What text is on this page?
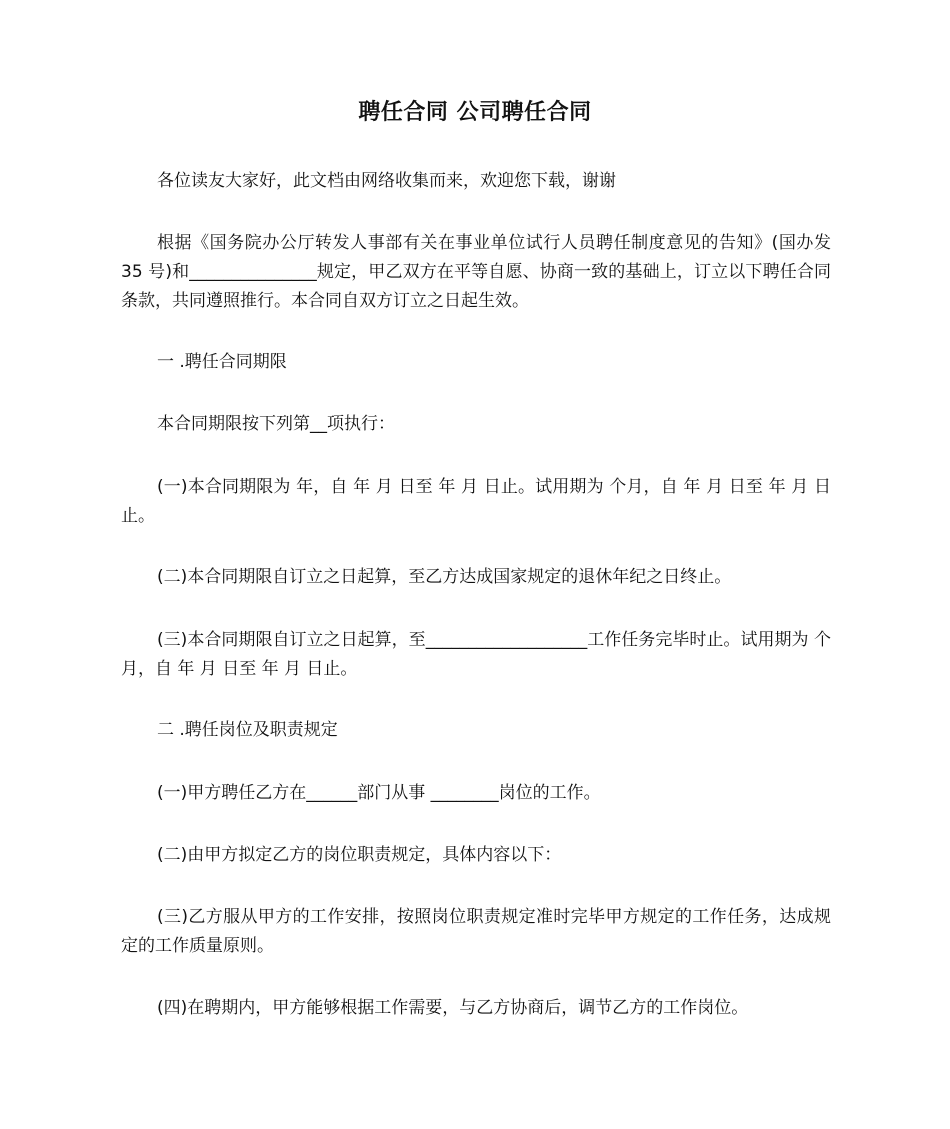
聘任合同 公司聘任合同

各位读友大家好，此文档由网络收集而来，欢迎您下载，谢谢

根据《国务院办公厅转发人事部有关在事业单位试行人员聘任制度意见的告知》(国办发 35 号)和_______________规定，甲乙双方在平等自愿、协商一致的基础上，订立以下聘任合同条款，共同遵照推行。本合同自双方订立之日起生效。

一 .聘任合同期限

本合同期限按下列第__项执行：

(一)本合同期限为 年，自 年 月 日至 年 月 日止。试用期为 个月，自 年 月 日至 年 月 日止。

(二)本合同期限自订立之日起算，至乙方达成国家规定的退休年纪之日终止。

(三)本合同期限自订立之日起算，至___________________工作任务完毕时止。试用期为 个月，自 年 月 日至 年 月 日止。

二 .聘任岗位及职责规定

(一)甲方聘任乙方在______部门从事 ________岗位的工作。

(二)由甲方拟定乙方的岗位职责规定，具体内容以下：

(三)乙方服从甲方的工作安排，按照岗位职责规定准时完毕甲方规定的工作任务，达成规定的工作质量原则。

(四)在聘期内，甲方能够根据工作需要，与乙方协商后，调节乙方的工作岗位。
